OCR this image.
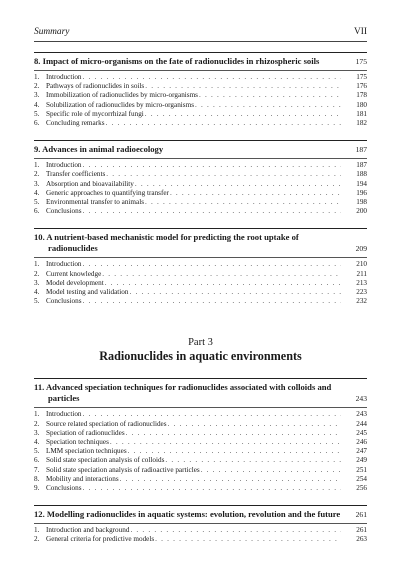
Summary	VII
8. Impact of micro-organisms on the fate of radionuclides in rhizospheric soils	175
1. Introduction . . .	175
2. Pathways of radionuclides in soils . . .	176
3. Immobilization of radionuclides by micro-organisms . . .	178
4. Solubilization of radionuclides by micro-organisms . . .	180
5. Specific role of mycorrhizal fungi . . .	181
6. Concluding remarks . . .	182
9. Advances in animal radioecology	187
1. Introduction . . .	187
2. Transfer coefficients . . .	188
3. Absorption and bioavailability . . .	194
4. Generic approaches to quantifying transfer . . .	196
5. Environmental transfer to animals . . .	198
6. Conclusions . . .	200
10. A nutrient-based mechanistic model for predicting the root uptake of radionuclides	209
1. Introduction . . .	210
2. Current knowledge . . .	211
3. Model development . . .	213
4. Model testing and validation . . .	223
5. Conclusions . . .	232
Part 3
Radionuclides in aquatic environments
11. Advanced speciation techniques for radionuclides associated with colloids and particles	243
1. Introduction . . .	243
2. Source related speciation of radionuclides . . .	244
3. Speciation of radionuclides . . .	245
4. Speciation techniques . . .	246
5. LMM speciation techniques . . .	247
6. Solid state speciation analysis of colloids . . .	249
7. Solid state speciation analysis of radioactive particles . . .	251
8. Mobility and interactions . . .	254
9. Conclusions . . .	256
12. Modelling radionuclides in aquatic systems: evolution, revolution and the future	261
1. Introduction and background . . .	261
2. General criteria for predictive models . . .	263
